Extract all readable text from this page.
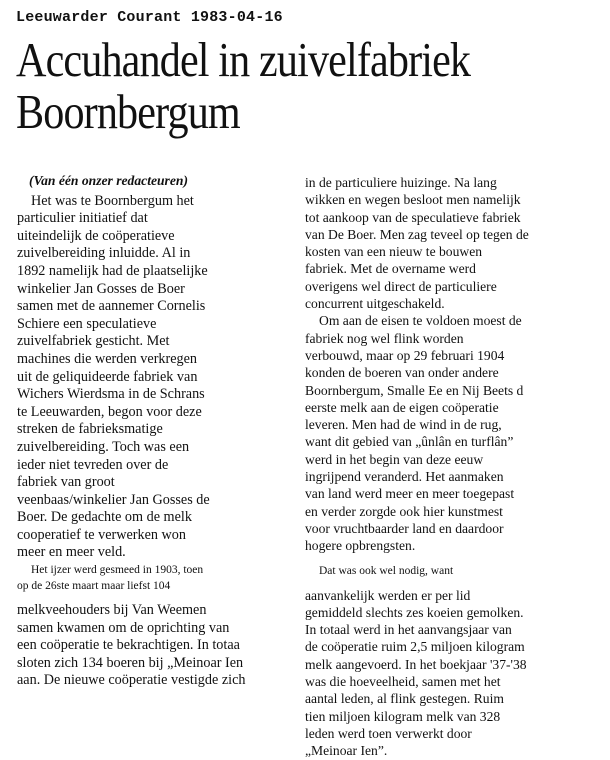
Leeuwarder Courant 1983-04-16
Accuhandel in zuivelfabriek
Boornbergum
(Van één onzer redacteuren)
Het was te Boornbergum het
particulier initiatief dat
uiteindelijk de coöperatieve
zuivelbereiding inluidde. Al in
1892 namelijk had de plaatselijke
winkelier Jan Gosses de Boer
samen met de aannemer Cornelis
Schiere een speculatieve
zuivelfabriek gesticht. Met
machines die werden verkregen
uit de geliquideerde fabriek van
Wichers Wierdsma in de Schrans
te Leeuwarden, begon voor deze
streken de fabrieksmatige
zuivelbereiding. Toch was een
ieder niet tevreden over de
fabriek van groot
veenbaas/winkelier Jan Gosses de
Boer. De gedachte om de melk
cooperatief te verwerken won
meer en meer veld.
Het ijzer werd gesmeed in 1903, toen
op de 26ste maart maar liefst 104
melkveehouders bij Van Weemen
samen kwamen om de oprichting van
een coöperatie te bekrachtigen. In totaa
sloten zich 134 boeren bij „Meinoar Ien
aan. De nieuwe coöperatie vestigde zich
in de particuliere huizinge. Na lang
wikken en wegen besloot men namelijk
tot aankoop van de speculatieve fabriek
van De Boer. Men zag teveel op tegen de
kosten van een nieuw te bouwen
fabriek. Met de overname werd
overigens wel direct de particuliere
concurrent uitgeschakeld.
Om aan de eisen te voldoen moest de
fabriek nog wel flink worden
verbouwd, maar op 29 februari 1904
konden de boeren van onder andere
Boornbergum, Smalle Ee en Nij Beets d
eerste melk aan de eigen coöperatie
leveren. Men had de wind in de rug,
want dit gebied van „ûnlân en turflân”
werd in het begin van deze eeuw
ingrijpend veranderd. Het aanmaken
van land werd meer en meer toegepast
en verder zorgde ook hier kunstmest
voor vruchtbaarder land en daardoor
hogere opbrengsten.
Dat was ook wel nodig, want
aanvankelijk werden er per lid
gemiddeld slechts zes koeien gemolken.
In totaal werd in het aanvangsjaar van
de coöperatie ruim 2,5 miljoen kilogram
melk aangevoerd. In het boekjaar '37-'38
was die hoeveelheid, samen met het
aantal leden, al flink gestegen. Ruim
tien miljoen kilogram melk van 328
leden werd toen verwerkt door
„Meinoar Ien”.
